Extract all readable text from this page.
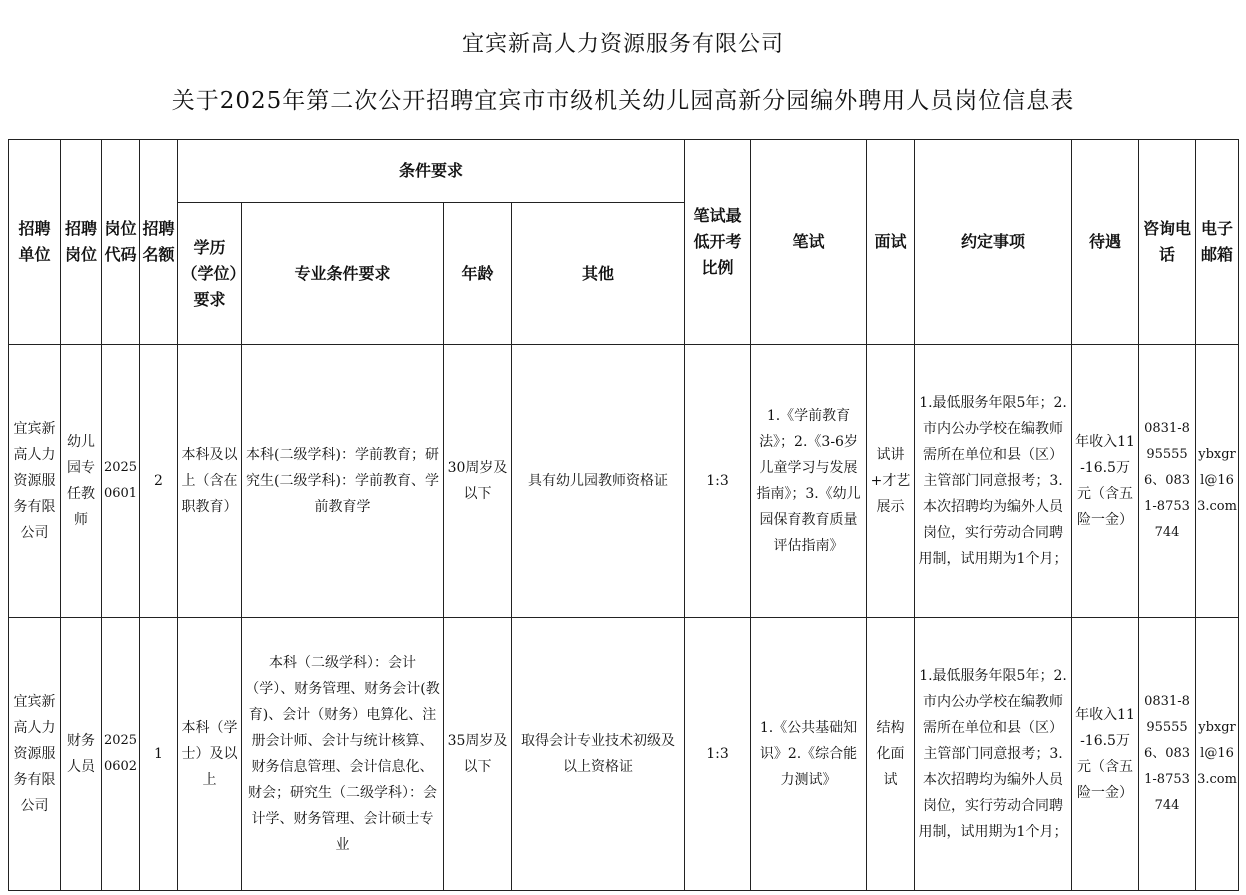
宜宾新高人力资源服务有限公司
关于2025年第二次公开招聘宜宾市市级机关幼儿园高新分园编外聘用人员岗位信息表
招聘单位	招聘岗位	岗位代码	招聘名额	条件要求				笔试最低开考比例	笔试	面试	约定事项	待遇	咨询电话	电子邮箱
				学历（学位）要求	专业条件要求	年龄	其他							
宜宾新高人力资源服务有限公司	幼儿园专任教师	20250601	2	本科及以上（含在职教育）	本科(二级学科)：学前教育；研究生(二级学科)：学前教育、学前教育学	30周岁及以下	具有幼儿园教师资格证	1:3	1.《学前教育法》；2.《3-6岁儿童学习与发展指南》；3.《幼儿园保育教育质量评估指南》	试讲+才艺展示	1.最低服务年限5年；2.市内公办学校在编教师需所在单位和县（区）主管部门同意报考；3.本次招聘均为编外人员岗位，实行劳动合同聘用制，试用期为1个月；	年收入11-16.5万元（含五险一金）	0831-8955556、0831-8753744	ybxgrl@163.com
宜宾新高人力资源服务有限公司	财务人员	20250602	1	本科（学士）及以上	本科（二级学科）：会计（学）、财务管理、财务会计(教育)、会计（财务）电算化、注册会计师、会计与统计核算、财务信息管理、会计信息化、财会；研究生（二级学科）：会计学、财务管理、会计硕士专业	35周岁及以下	取得会计专业技术初级及以上资格证	1:3	1.《公共基础知识》2.《综合能力测试》	结构化面试	1.最低服务年限5年；2.市内公办学校在编教师需所在单位和县（区）主管部门同意报考；3.本次招聘均为编外人员岗位，实行劳动合同聘用制，试用期为1个月；	年收入11-16.5万元（含五险一金）	0831-8955556、0831-8753744	ybxgrl@163.com
